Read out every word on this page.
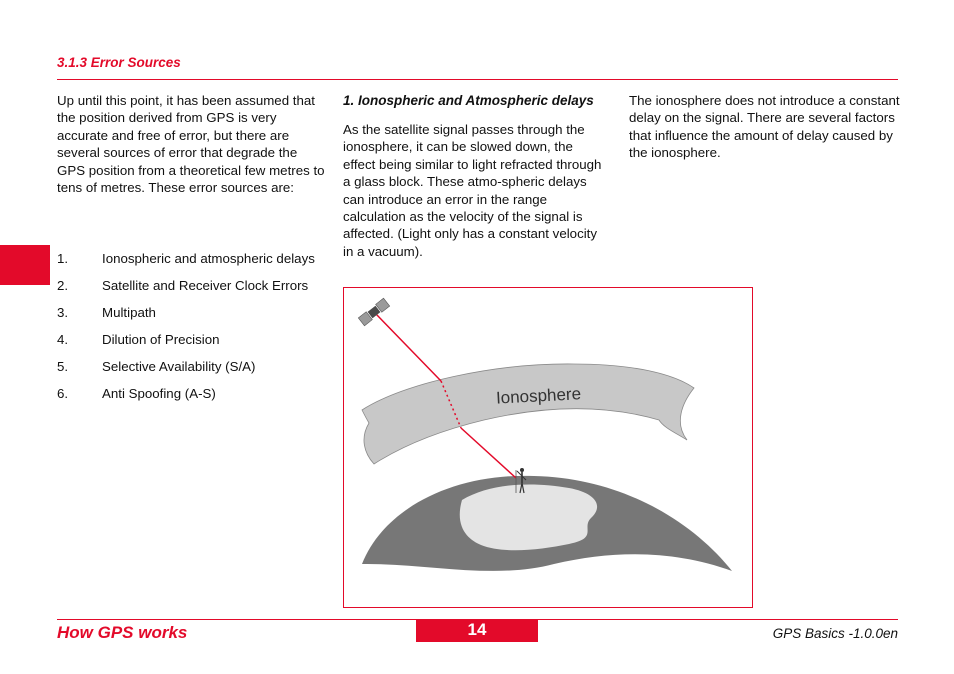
3.1.3 Error Sources
Up until this point, it has been assumed that the position derived from GPS is very accurate and free of error, but there are several sources of error that degrade the GPS position from a theoretical few metres to tens of metres. These error sources are:
1.	Ionospheric and atmospheric delays
2.	Satellite and Receiver Clock Errors
3.	Multipath
4.	Dilution of Precision
5.	Selective Availability (S/A)
6.	Anti Spoofing (A-S)
1. Ionospheric and Atmospheric delays
As the satellite signal passes through the ionosphere, it can be slowed down, the effect being similar to light refracted through a glass block. These atmo-spheric delays can introduce an error in the range calculation as the velocity of the signal is affected. (Light only has a constant velocity in a vacuum).
The ionosphere does not introduce a constant delay on the signal. There are several factors that influence the amount of delay caused by the ionosphere.
Ionosphere
How GPS works	14	GPS Basics -1.0.0en
